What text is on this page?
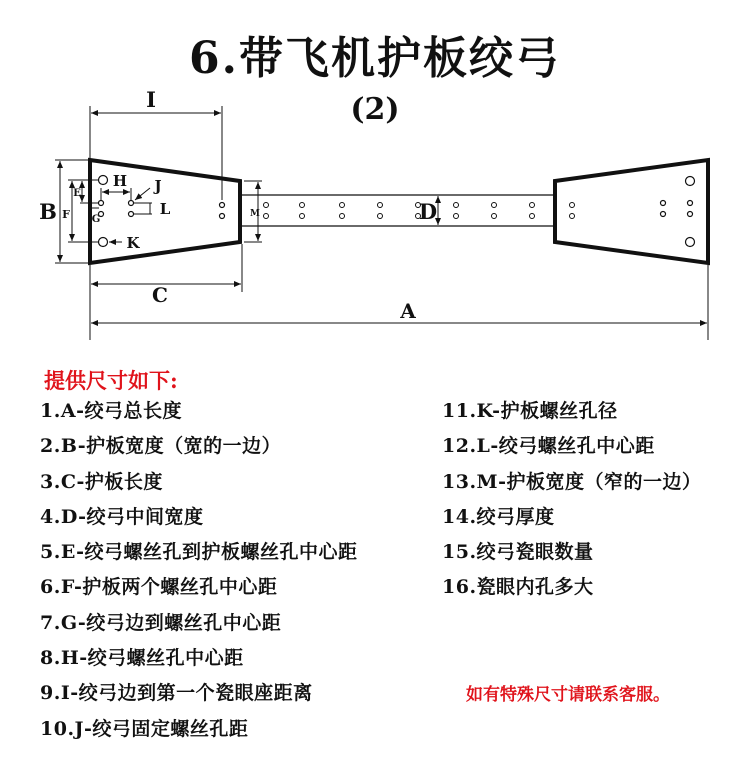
6.带飞机护板绞弓
(2)
I
B F
E
H J
L
G
K
M	D
C
A
提供尺寸如下:
1.A-绞弓总长度
2.B-护板宽度（宽的一边）
3.C-护板长度
4.D-绞弓中间宽度
5.E-绞弓螺丝孔到护板螺丝孔中心距
6.F-护板两个螺丝孔中心距
7.G-绞弓边到螺丝孔中心距
8.H-绞弓螺丝孔中心距
9.I-绞弓边到第一个瓷眼座距离
10.J-绞弓固定螺丝孔距
11.K-护板螺丝孔径
12.L-绞弓螺丝孔中心距
13.M-护板宽度（窄的一边）
14.绞弓厚度
15.绞弓瓷眼数量
16.瓷眼内孔多大
如有特殊尺寸请联系客服。
